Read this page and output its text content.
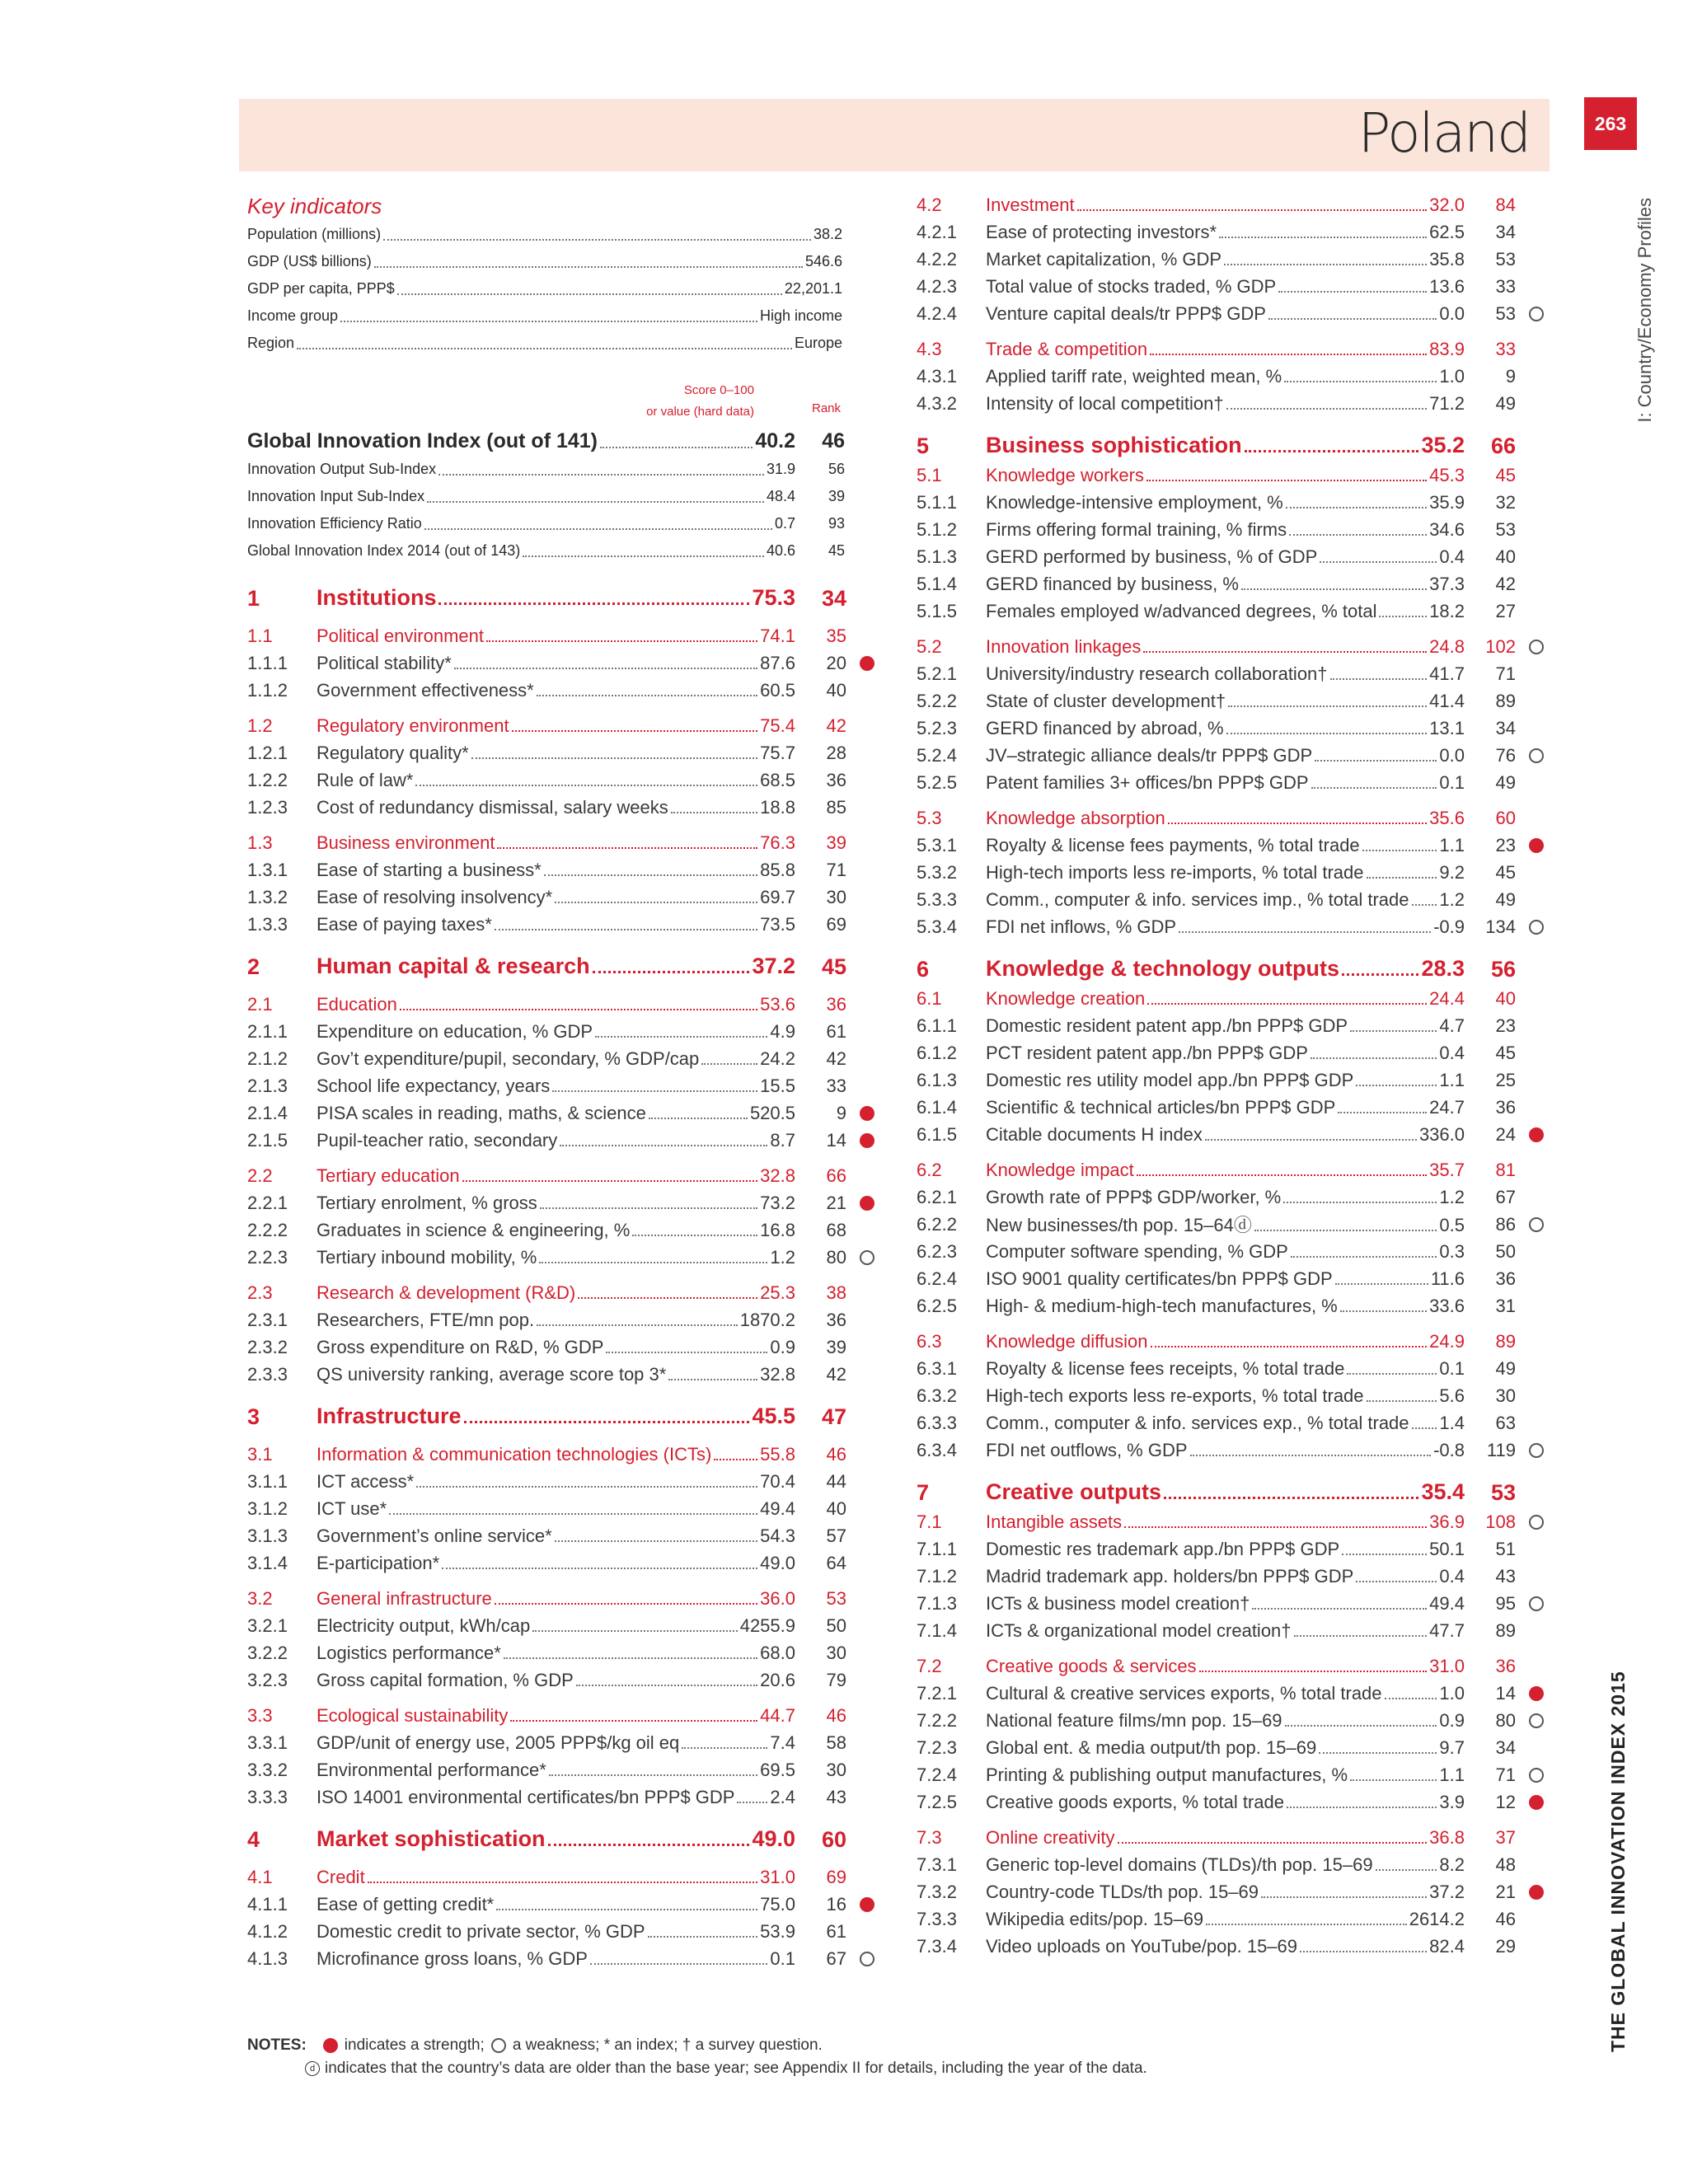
Poland	263
I: Country/Economy Profiles
THE GLOBAL INNOVATION INDEX 2015
Key indicators
Population (millions)	38.2
GDP (US$ billions)	546.6
GDP per capita, PPP$	22,201.1
Income group	High income
Region	Europe
Score 0–100
or value (hard data)	Rank
Global Innovation Index (out of 141)	40.2	46
Innovation Output Sub-Index	31.9	56
Innovation Input Sub-Index	48.4	39
Innovation Efficiency Ratio	0.7	93
Global Innovation Index 2014 (out of 143)	40.6	45
1	Institutions	75.3	34
1.1	Political environment	74.1	35
1.1.1	Political stability*	87.6	20
1.1.2	Government effectiveness*	60.5	40
1.2	Regulatory environment	75.4	42
1.2.1	Regulatory quality*	75.7	28
1.2.2	Rule of law*	68.5	36
1.2.3	Cost of redundancy dismissal, salary weeks	18.8	85
1.3	Business environment	76.3	39
1.3.1	Ease of starting a business*	85.8	71
1.3.2	Ease of resolving insolvency*	69.7	30
1.3.3	Ease of paying taxes*	73.5	69
2	Human capital & research	37.2	45
2.1	Education	53.6	36
2.1.1	Expenditure on education, % GDP	4.9	61
2.1.2	Gov’t expenditure/pupil, secondary, % GDP/cap	24.2	42
2.1.3	School life expectancy, years	15.5	33
2.1.4	PISA scales in reading, maths, & science	520.5	9
2.1.5	Pupil-teacher ratio, secondary	8.7	14
2.2	Tertiary education	32.8	66
2.2.1	Tertiary enrolment, % gross	73.2	21
2.2.2	Graduates in science & engineering, %	16.8	68
2.2.3	Tertiary inbound mobility, %	1.2	80
2.3	Research & development (R&D)	25.3	38
2.3.1	Researchers, FTE/mn pop.	1870.2	36
2.3.2	Gross expenditure on R&D, % GDP	0.9	39
2.3.3	QS university ranking, average score top 3*	32.8	42
3	Infrastructure	45.5	47
3.1	Information & communication technologies (ICTs)	55.8	46
3.1.1	ICT access*	70.4	44
3.1.2	ICT use*	49.4	40
3.1.3	Government’s online service*	54.3	57
3.1.4	E-participation*	49.0	64
3.2	General infrastructure	36.0	53
3.2.1	Electricity output, kWh/cap	4255.9	50
3.2.2	Logistics performance*	68.0	30
3.2.3	Gross capital formation, % GDP	20.6	79
3.3	Ecological sustainability	44.7	46
3.3.1	GDP/unit of energy use, 2005 PPP$/kg oil eq	7.4	58
3.3.2	Environmental performance*	69.5	30
3.3.3	ISO 14001 environmental certificates/bn PPP$ GDP 2.4	43
4	Market sophistication	49.0	60
4.1	Credit	31.0	69
4.1.1	Ease of getting credit*	75.0	16
4.1.2	Domestic credit to private sector, % GDP	53.9	61
4.1.3	Microfinance gross loans, % GDP	0.1	67
4.2	Investment	32.0	84
4.2.1	Ease of protecting investors*	62.5	34
4.2.2	Market capitalization, % GDP	35.8	53
4.2.3	Total value of stocks traded, % GDP	13.6	33
4.2.4	Venture capital deals/tr PPP$ GDP	0.0	53
4.3	Trade & competition	83.9	33
4.3.1	Applied tariff rate, weighted mean, %	1.0	9
4.3.2	Intensity of local competition†	71.2	49
5	Business sophistication	35.2	66
5.1	Knowledge workers	45.3	45
5.1.1	Knowledge-intensive employment, %	35.9	32
5.1.2	Firms offering formal training, % firms	34.6	53
5.1.3	GERD performed by business, % of GDP	0.4	40
5.1.4	GERD financed by business, %	37.3	42
5.1.5	Females employed w/advanced degrees, % total	18.2	27
5.2	Innovation linkages	24.8	102
5.2.1	University/industry research collaboration†	41.7	71
5.2.2	State of cluster development†	41.4	89
5.2.3	GERD financed by abroad, %	13.1	34
5.2.4	JV–strategic alliance deals/tr PPP$ GDP	0.0	76
5.2.5	Patent families 3+ offices/bn PPP$ GDP	0.1	49
5.3	Knowledge absorption	35.6	60
5.3.1	Royalty & license fees payments, % total trade	1.1	23
5.3.2	High-tech imports less re-imports, % total trade	9.2	45
5.3.3	Comm., computer & info. services imp., % total trade 1.2	49
5.3.4	FDI net inflows, % GDP	-0.9	134
6	Knowledge & technology outputs	28.3	56
6.1	Knowledge creation	24.4	40
6.1.1	Domestic resident patent app./bn PPP$ GDP	4.7	23
6.1.2	PCT resident patent app./bn PPP$ GDP	0.4	45
6.1.3	Domestic res utility model app./bn PPP$ GDP	1.1	25
6.1.4	Scientific & technical articles/bn PPP$ GDP	24.7	36
6.1.5	Citable documents H index	336.0	24
6.2	Knowledge impact	35.7	81
6.2.1	Growth rate of PPP$ GDP/worker, %	1.2	67
6.2.2	New businesses/th pop. 15–64ⓓ	0.5	86
6.2.3	Computer software spending, % GDP	0.3	50
6.2.4	ISO 9001 quality certificates/bn PPP$ GDP	11.6	36
6.2.5	High- & medium-high-tech manufactures, %	33.6	31
6.3	Knowledge diffusion	24.9	89
6.3.1	Royalty & license fees receipts, % total trade	0.1	49
6.3.2	High-tech exports less re-exports, % total trade	5.6	30
6.3.3	Comm., computer & info. services exp., % total trade 1.4	63
6.3.4	FDI net outflows, % GDP	-0.8	119
7	Creative outputs	35.4	53
7.1	Intangible assets	36.9	108
7.1.1	Domestic res trademark app./bn PPP$ GDP	50.1	51
7.1.2	Madrid trademark app. holders/bn PPP$ GDP	0.4	43
7.1.3	ICTs & business model creation†	49.4	95
7.1.4	ICTs & organizational model creation†	47.7	89
7.2	Creative goods & services	31.0	36
7.2.1	Cultural & creative services exports, % total trade	1.0	14
7.2.2	National feature films/mn pop. 15–69	0.9	80
7.2.3	Global ent. & media output/th pop. 15–69	9.7	34
7.2.4	Printing & publishing output manufactures, %	1.1	71
7.2.5	Creative goods exports, % total trade	3.9	12
7.3	Online creativity	36.8	37
7.3.1	Generic top-level domains (TLDs)/th pop. 15–69	8.2	48
7.3.2	Country-code TLDs/th pop. 15–69	37.2	21
7.3.3	Wikipedia edits/pop. 15–69	2614.2	46
7.3.4	Video uploads on YouTube/pop. 15–69	82.4	29
NOTES: indicates a strength; a weakness; * an index; † a survey question.
d indicates that the country’s data are older than the base year; see Appendix II for details, including the year of the data.
